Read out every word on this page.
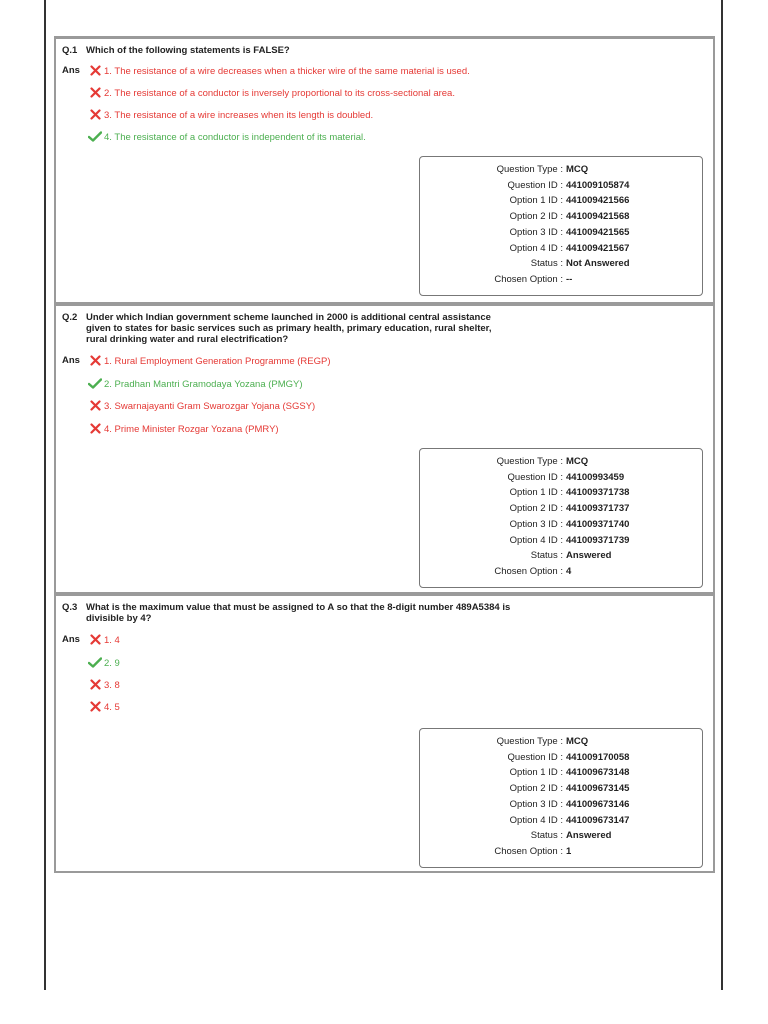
Q.1 Which of the following statements is FALSE?
Ans	1. The resistance of a wire decreases when a thicker wire of the same material is used.
2. The resistance of a conductor is inversely proportional to its cross-sectional area.
3. The resistance of a wire increases when its length is doubled.
4. The resistance of a conductor is independent of its material.
Question Type : MCQ
Question ID : 441009105874
Option 1 ID : 441009421566
Option 2 ID : 441009421568
Option 3 ID : 441009421565
Option 4 ID : 441009421567
Status : Not Answered
Chosen Option : --
Q.2 Under which Indian government scheme launched in 2000 is additional central assistance given to states for basic services such as primary health, primary education, rural shelter, rural drinking water and rural electrification?
Ans	1. Rural Employment Generation Programme (REGP)
2. Pradhan Mantri Gramodaya Yozana (PMGY)
3. Swarnajayanti Gram Swarozgar Yojana (SGSY)
4. Prime Minister Rozgar Yozana (PMRY)
Question Type : MCQ
Question ID : 44100993459
Option 1 ID : 441009371738
Option 2 ID : 441009371737
Option 3 ID : 441009371740
Option 4 ID : 441009371739
Status : Answered
Chosen Option : 4
Q.3 What is the maximum value that must be assigned to A so that the 8-digit number 489A5384 is divisible by 4?
Ans	1. 4
2. 9
3. 8
4. 5
Question Type : MCQ
Question ID : 441009170058
Option 1 ID : 441009673148
Option 2 ID : 441009673145
Option 3 ID : 441009673146
Option 4 ID : 441009673147
Status : Answered
Chosen Option : 1
